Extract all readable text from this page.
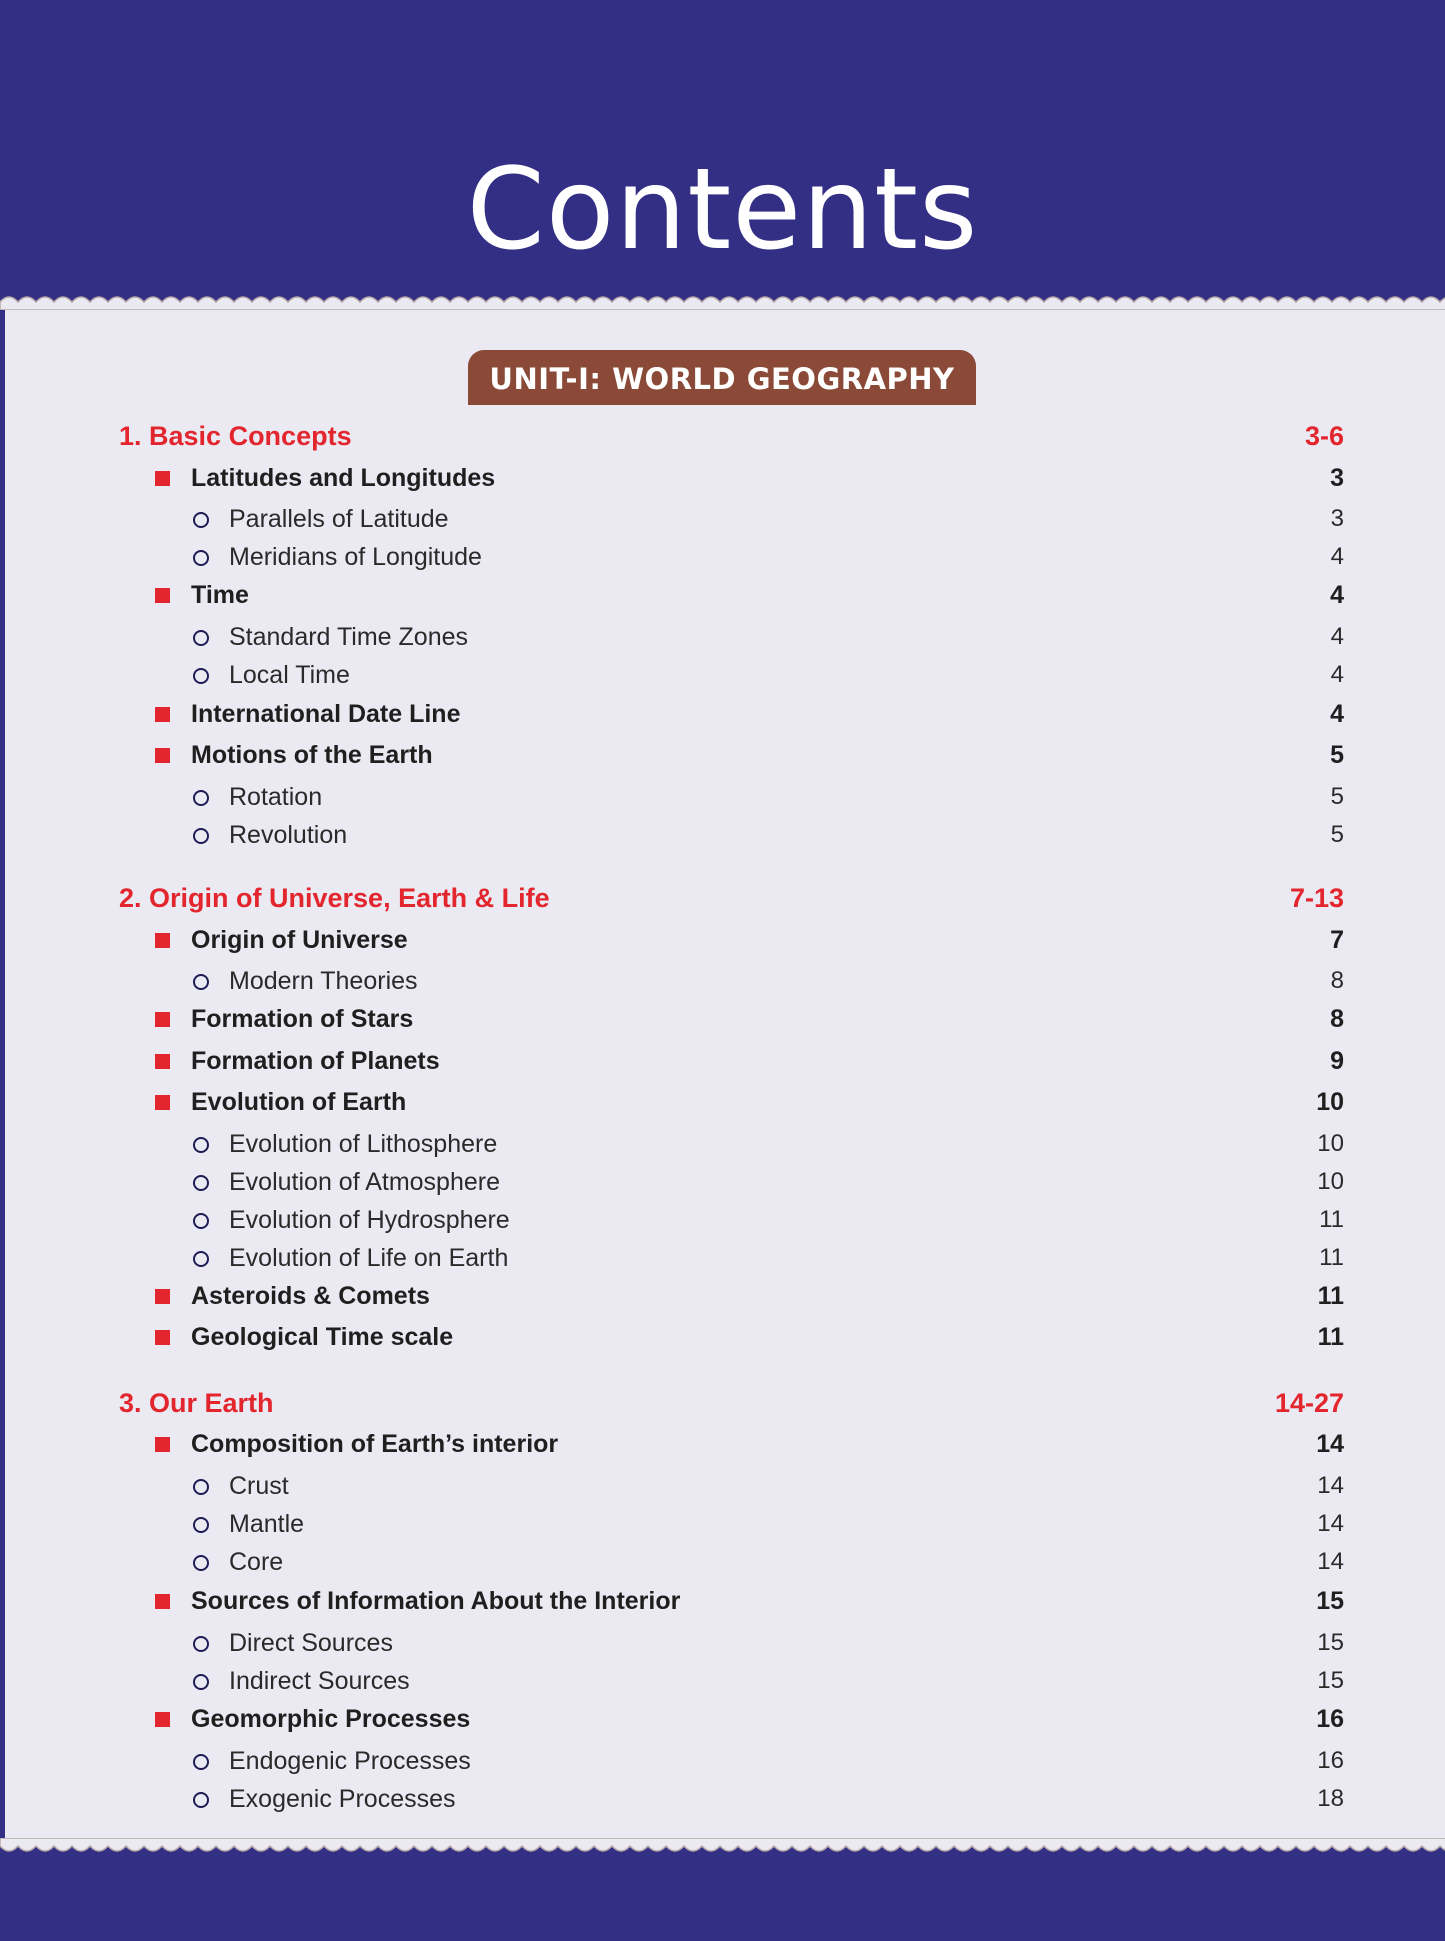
Contents
UNIT-I: WORLD GEOGRAPHY
1. Basic Concepts	3-6
Latitudes and Longitudes	3
Parallels of Latitude	3
Meridians of Longitude	4
Time	4
Standard Time Zones	4
Local Time	4
International Date Line	4
Motions of the Earth	5
Rotation	5
Revolution	5
2. Origin of Universe, Earth & Life	7-13
Origin of Universe	7
Modern Theories	8
Formation of Stars	8
Formation of Planets	9
Evolution of Earth	10
Evolution of Lithosphere	10
Evolution of Atmosphere	10
Evolution of Hydrosphere	11
Evolution of Life on Earth	11
Asteroids & Comets	11
Geological Time scale	11
3. Our Earth	14-27
Composition of Earth’s interior	14
Crust	14
Mantle	14
Core	14
Sources of Information About the Interior	15
Direct Sources	15
Indirect Sources	15
Geomorphic Processes	16
Endogenic Processes	16
Exogenic Processes	18
